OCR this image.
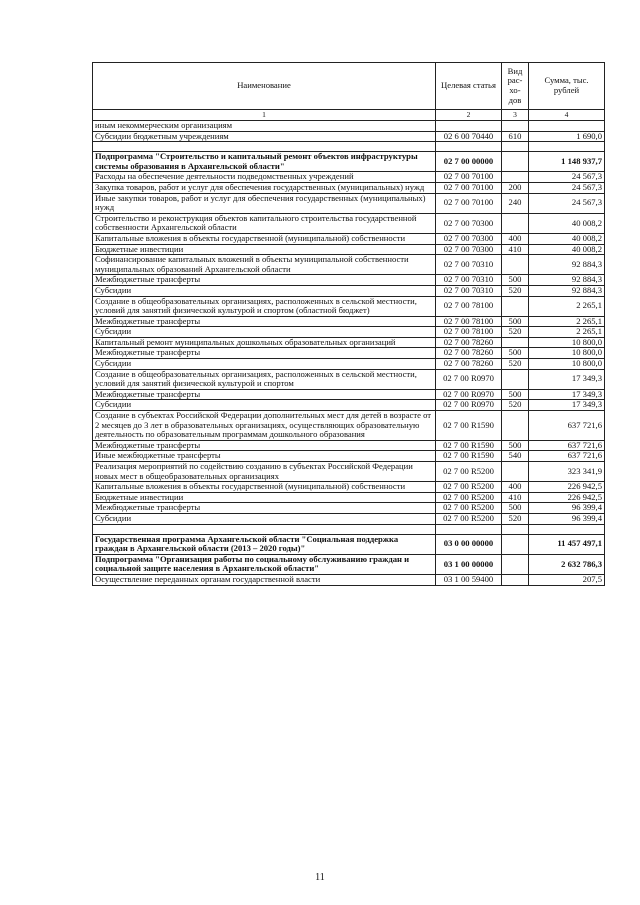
Наименование	Целевая статья	Вид рас-хо-дов	Сумма, тыс. рублей
1	2	3	4
иным некоммерческим организациям			
Субсидии бюджетным учреждениям	02 6 00 70440	610	1 690,0

Подпрограмма "Строительство и капитальный ремонт объектов инфраструктуры системы образования в Архангельской области"	02 7 00 00000		1 148 937,7
Расходы на обеспечение деятельности подведомственных учреждений	02 7 00 70100		24 567,3
Закупка товаров, работ и услуг для обеспечения государственных (муниципальных) нужд	02 7 00 70100	200	24 567,3
Иные закупки товаров, работ и услуг для обеспечения государственных (муниципальных) нужд	02 7 00 70100	240	24 567,3
Строительство и реконструкция объектов капитального строительства государственной собственности Архангельской области	02 7 00 70300		40 008,2
Капитальные вложения в объекты государственной (муниципальной) собственности	02 7 00 70300	400	40 008,2
Бюджетные инвестиции	02 7 00 70300	410	40 008,2
Софинансирование капитальных вложений в объекты муниципальной собственности муниципальных образований Архангельской области	02 7 00 70310		92 884,3
Межбюджетные трансферты	02 7 00 70310	500	92 884,3
Субсидии	02 7 00 70310	520	92 884,3
Создание в общеобразовательных организациях, расположенных в сельской местности, условий для занятий физической культурой и спортом (областной бюджет)	02 7 00 78100		2 265,1
Межбюджетные трансферты	02 7 00 78100	500	2 265,1
Субсидии	02 7 00 78100	520	2 265,1
Капитальный ремонт муниципальных дошкольных образовательных организаций	02 7 00 78260		10 800,0
Межбюджетные трансферты	02 7 00 78260	500	10 800,0
Субсидии	02 7 00 78260	520	10 800,0
Создание в общеобразовательных организациях, расположенных в сельской местности, условий для занятий физической культурой и спортом	02 7 00 R0970		17 349,3
Межбюджетные трансферты	02 7 00 R0970	500	17 349,3
Субсидии	02 7 00 R0970	520	17 349,3
Создание в субъектах Российской Федерации дополнительных мест для детей в возрасте от 2 месяцев до 3 лет в образовательных организациях, осуществляющих образовательную деятельность по образовательным программам дошкольного образования	02 7 00 R1590		637 721,6
Межбюджетные трансферты	02 7 00 R1590	500	637 721,6
Иные межбюджетные трансферты	02 7 00 R1590	540	637 721,6
Реализация мероприятий по содействию созданию в субъектах Российской Федерации новых мест в общеобразовательных организациях	02 7 00 R5200		323 341,9
Капитальные вложения в объекты государственной (муниципальной) собственности	02 7 00 R5200	400	226 942,5
Бюджетные инвестиции	02 7 00 R5200	410	226 942,5
Межбюджетные трансферты	02 7 00 R5200	500	96 399,4
Субсидии	02 7 00 R5200	520	96 399,4

Государственная программа Архангельской области "Социальная поддержка граждан в Архангельской области (2013 – 2020 годы)"	03 0 00 00000		11 457 497,1
Подпрограмма "Организация работы по социальному обслуживанию граждан и социальной защите населения в Архангельской области"	03 1 00 00000		2 632 786,3
Осуществление переданных органам государственной власти	03 1 00 59400		207,5
11
